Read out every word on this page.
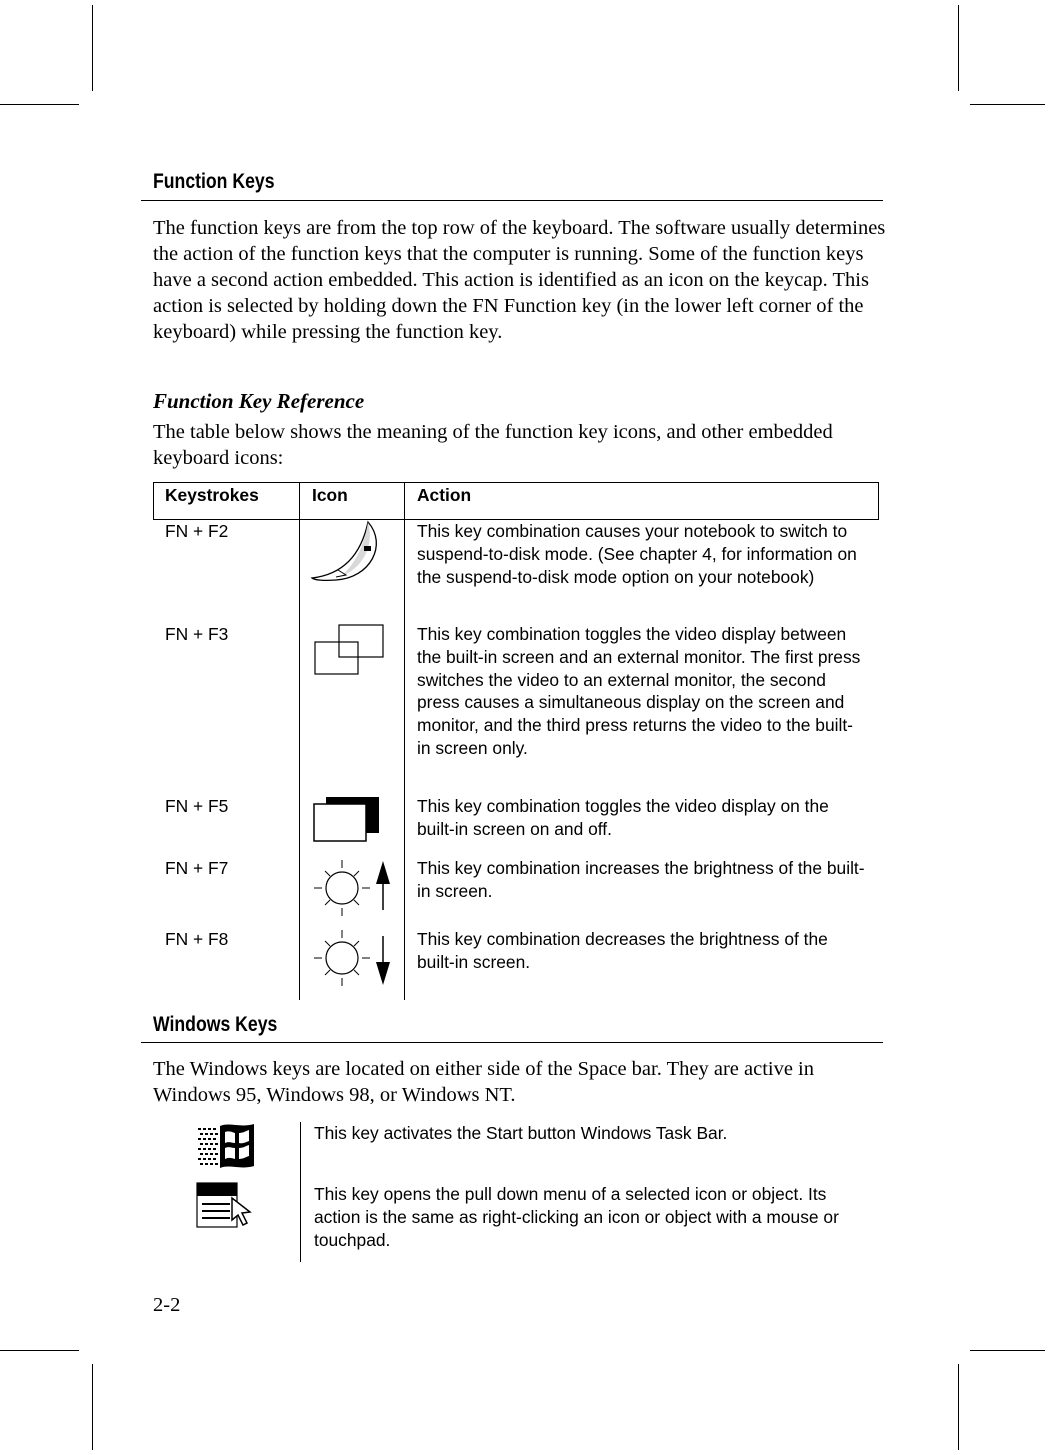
Function Keys
The function keys are from the top row of the keyboard. The software usually determines the action of the function keys that the computer is running. Some of the function keys have a second action embedded. This action is identified as an icon on the keycap. This action is selected by holding down the FN Function key (in the lower left corner of the keyboard) while pressing the function key.
Function Key Reference
The table below shows the meaning of the function key icons, and other embedded keyboard icons:
Keystrokes	Icon	Action
FN + F2	This key combination causes your notebook to switch to suspend-to-disk mode. (See chapter 4, for information on the suspend-to-disk mode option on your notebook)
FN + F3	This key combination toggles the video display between the built-in screen and an external monitor. The first press switches the video to an external monitor, the second press causes a simultaneous display on the screen and monitor, and the third press returns the video to the built-in screen only.
FN + F5	This key combination toggles the video display on the built-in screen on and off.
FN + F7	This key combination increases the brightness of the built-in screen.
FN + F8	This key combination decreases the brightness of the built-in screen.
Windows Keys
The Windows keys are located on either side of the Space bar. They are active in Windows 95, Windows 98, or Windows NT.
This key activates the Start button Windows Task Bar.
This key opens the pull down menu of a selected icon or object. Its action is the same as right-clicking an icon or object with a mouse or touchpad.
2-2
